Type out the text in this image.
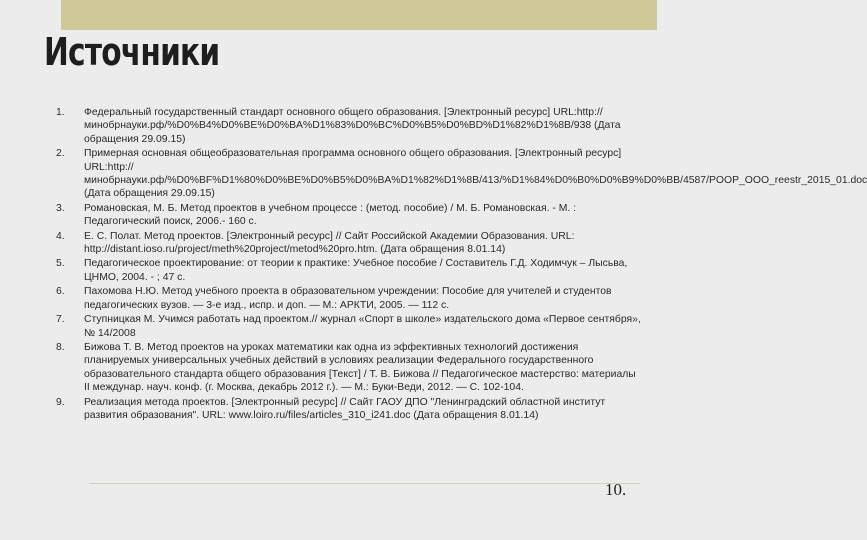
Источники
1. Федеральный государственный стандарт основного общего образования. [Электронный ресурс] URL:http://минобрнауки.рф/%D0%B4%D0%BE%D0%BA%D1%83%D0%BC%D0%B5%D0%BD%D1%82%D1%8B/938 (Дата обращения 29.09.15)
2. Примерная основная общеобразовательная программа основного общего образования. [Электронный ресурс] URL:http://минобрнауки.рф/%D0%BF%D1%80%D0%BE%D0%B5%D0%BA%D1%82%D1%8B/413/%D1%84%D0%B0%D0%B9%D0%BB/4587/POOP_OOO_reestr_2015_01.doc (Дата обращения 29.09.15)
3. Романовская, М. Б. Метод проектов в учебном процессе : (метод. пособие) / М. Б. Романовская. - М. : Педагогический поиск, 2006.- 160 с.
4. Е. С. Полат. Метод проектов. [Электронный ресурс] // Сайт Российской Академии Образования. URL: http://distant.ioso.ru/project/meth%20project/metod%20pro.htm. (Дата обращения 8.01.14)
5. Педагогическое проектирование: от теории к практике: Учебное пособие / Составитель Г.Д. Ходимчук – Лысьва, ЦНМО, 2004. - ; 47 с.
6. Пахомова Н.Ю. Метод учебного проекта в образовательном учреждении: Пособие для учителей и студентов педагогических вузов. — 3-е изд., испр. и доп. — М.: АРКТИ, 2005. — 112 с.
7. Ступницкая М. Учимся работать над проектом.// журнал «Спорт в школе» издательского дома «Первое сентября», № 14/2008
8. Бижова Т. В. Метод проектов на уроках математики как одна из эффективных технологий достижения планируемых универсальных учебных действий в условиях реализации Федерального государственного образовательного стандарта общего образования [Текст] / Т. В. Бижова // Педагогическое мастерство: материалы II междунар. науч. конф. (г. Москва, декабрь 2012 г.). — М.: Буки-Веди, 2012. — С. 102-104.
9. Реализация метода проектов. [Электронный ресурс] // Сайт ГАОУ ДПО "Ленинградский областной институт развития образования". URL: www.loiro.ru/files/articles_310_i241.doc (Дата обращения 8.01.14)
10.
